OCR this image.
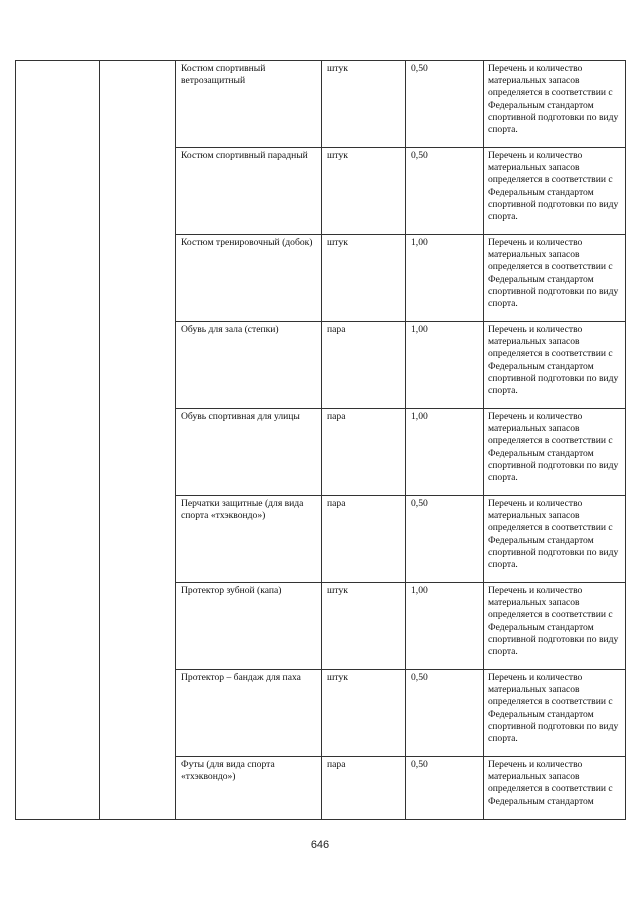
		Костюм спортивный ветрозащитный	штук	0,50	Перечень и количество материальных запасов определяется в соответствии с Федеральным стандартом спортивной подготовки по виду спорта.
		Костюм спортивный парадный	штук	0,50	Перечень и количество материальных запасов определяется в соответствии с Федеральным стандартом спортивной подготовки по виду спорта.
		Костюм тренировочный (добок)	штук	1,00	Перечень и количество материальных запасов определяется в соответствии с Федеральным стандартом спортивной подготовки по виду спорта.
		Обувь для зала (степки)	пара	1,00	Перечень и количество материальных запасов определяется в соответствии с Федеральным стандартом спортивной подготовки по виду спорта.
		Обувь спортивная для улицы	пара	1,00	Перечень и количество материальных запасов определяется в соответствии с Федеральным стандартом спортивной подготовки по виду спорта.
		Перчатки защитные (для вида спорта «тхэквондо»)	пара	0,50	Перечень и количество материальных запасов определяется в соответствии с Федеральным стандартом спортивной подготовки по виду спорта.
		Протектор зубной (капа)	штук	1,00	Перечень и количество материальных запасов определяется в соответствии с Федеральным стандартом спортивной подготовки по виду спорта.
		Протектор – бандаж для паха	штук	0,50	Перечень и количество материальных запасов определяется в соответствии с Федеральным стандартом спортивной подготовки по виду спорта.
		Футы (для вида спорта «тхэквондо»)	пара	0,50	Перечень и количество материальных запасов определяется в соответствии с Федеральным стандартом
646
